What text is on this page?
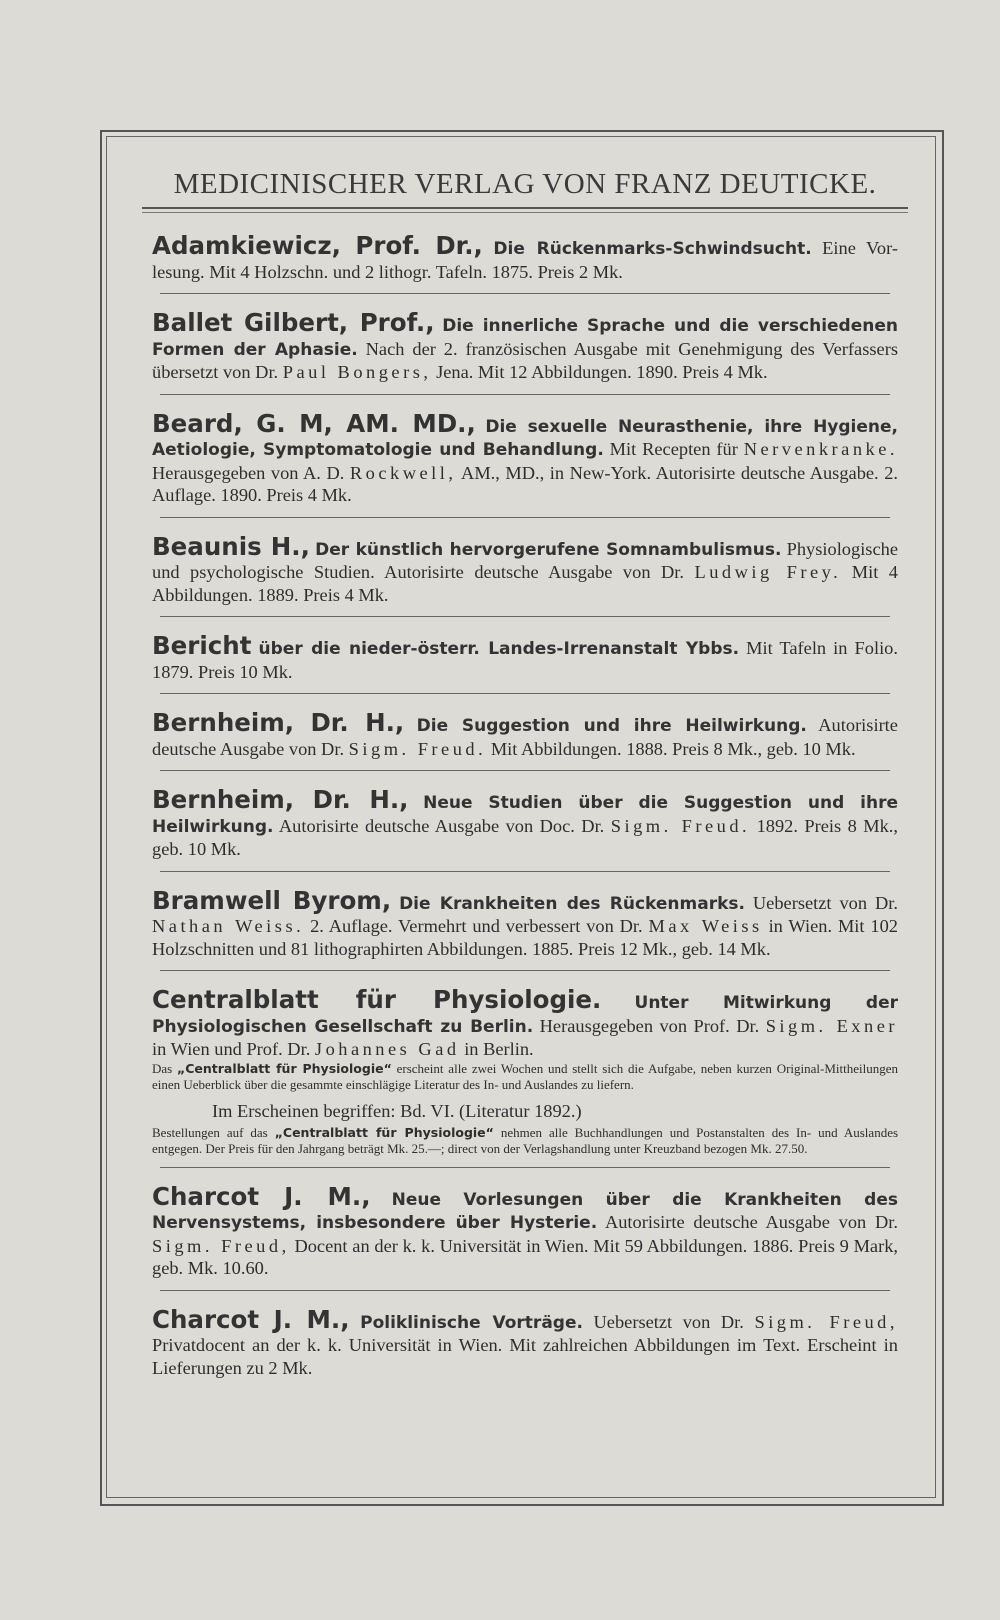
MEDICINISCHER VERLAG VON FRANZ DEUTICKE.

Adamkiewicz, Prof. Dr., Die Rückenmarks-Schwindsucht. Eine Vor- lesung. Mit 4 Holzschn. und 2 lithogr. Tafeln. 1875. Preis 2 Mk.

Ballet Gilbert, Prof., Die innerliche Sprache und die verschiedenen Formen der Aphasie. Nach der 2. französischen Ausgabe mit Genehmigung des Verfassers übersetzt von Dr. Paul Bongers, Jena. Mit 12 Abbildungen. 1890. Preis 4 Mk.

Beard, G. M, AM. MD., Die sexuelle Neurasthenie, ihre Hygiene, Aetiologie, Symptomatologie und Behandlung. Mit Recepten für Nervenkranke. Herausgegeben von A. D. Rockwell, AM., MD., in New-York. Autorisirte deutsche Ausgabe. 2. Auflage. 1890. Preis 4 Mk.

Beaunis H., Der künstlich hervorgerufene Somnambulismus. Physiologische und psychologische Studien. Autorisirte deutsche Ausgabe von Dr. Ludwig Frey. Mit 4 Abbildungen. 1889. Preis 4 Mk.

Bericht über die nieder-österr. Landes-Irrenanstalt Ybbs. Mit Tafeln in Folio. 1879. Preis 10 Mk.

Bernheim, Dr. H., Die Suggestion und ihre Heilwirkung. Autorisirte deutsche Ausgabe von Dr. Sigm. Freud. Mit Abbildungen. 1888. Preis 8 Mk., geb. 10 Mk.

Bernheim, Dr. H., Neue Studien über die Suggestion und ihre Heilwirkung. Autorisirte deutsche Ausgabe von Doc. Dr. Sigm. Freud. 1892. Preis 8 Mk., geb. 10 Mk.

Bramwell Byrom, Die Krankheiten des Rückenmarks. Uebersetzt von Dr. Nathan Weiss. 2. Auflage. Vermehrt und verbessert von Dr. Max Weiss in Wien. Mit 102 Holzschnitten und 81 lithographirten Abbildungen. 1885. Preis 12 Mk., geb. 14 Mk.

Centralblatt für Physiologie. Unter Mitwirkung der Physiologischen Gesellschaft zu Berlin. Herausgegeben von Prof. Dr. Sigm. Exner in Wien und Prof. Dr. Johannes Gad in Berlin.

Das „Centralblatt für Physiologie“ erscheint alle zwei Wochen und stellt sich die Aufgabe, neben kurzen Original-Mittheilungen einen Ueberblick über die gesammte einschlägige Literatur des In- und Auslandes zu liefern.

Im Erscheinen begriffen: Bd. VI. (Literatur 1892.)

Bestellungen auf das „Centralblatt für Physiologie“ nehmen alle Buchhandlungen und Postanstalten des In- und Auslandes entgegen. Der Preis für den Jahrgang beträgt Mk. 25.—; direct von der Verlagshandlung unter Kreuzband bezogen Mk. 27.50.

Charcot J. M., Neue Vorlesungen über die Krankheiten des Nervensystems, insbesondere über Hysterie. Autorisirte deutsche Ausgabe von Dr. Sigm. Freud, Docent an der k. k. Universität in Wien. Mit 59 Abbildungen. 1886. Preis 9 Mark, geb. Mk. 10.60.

Charcot J. M., Poliklinische Vorträge. Uebersetzt von Dr. Sigm. Freud, Privatdocent an der k. k. Universität in Wien. Mit zahlreichen Abbildungen im Text. Erscheint in Lieferungen zu 2 Mk.
